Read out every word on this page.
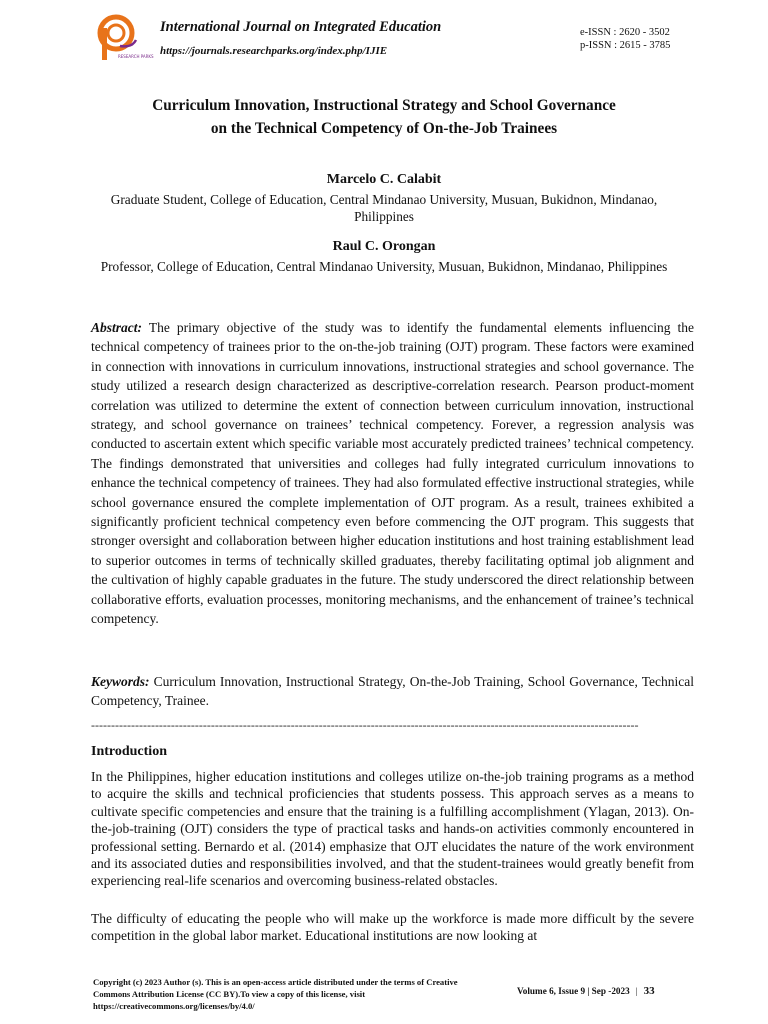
RESEARCH PARKS
International Journal on Integrated Education
https://journals.researchparks.org/index.php/IJIE
e-ISSN : 2620 - 3502
p-ISSN : 2615 - 3785
Curriculum Innovation, Instructional Strategy and School Governance
on the Technical Competency of On-the-Job Trainees
Marcelo C. Calabit
Graduate Student, College of Education, Central Mindanao University, Musuan, Bukidnon, Mindanao, Philippines
Raul C. Orongan
Professor, College of Education, Central Mindanao University, Musuan, Bukidnon, Mindanao, Philippines

Abstract: The primary objective of the study was to identify the fundamental elements influencing the technical competency of trainees prior to the on-the-job training (OJT) program. These factors were examined in connection with innovations in curriculum innovations, instructional strategies and school governance. The study utilized a research design characterized as descriptive-correlation research. Pearson product-moment correlation was utilized to determine the extent of connection between curriculum innovation, instructional strategy, and school governance on trainees’ technical competency. Forever, a regression analysis was conducted to ascertain extent which specific variable most accurately predicted trainees’ technical competency. The findings demonstrated that universities and colleges had fully integrated curriculum innovations to enhance the technical competency of trainees. They had also formulated effective instructional strategies, while school governance ensured the complete implementation of OJT program. As a result, trainees exhibited a significantly proficient technical competency even before commencing the OJT program. This suggests that stronger oversight and collaboration between higher education institutions and host training establishment lead to superior outcomes in terms of technically skilled graduates, thereby facilitating optimal job alignment and the cultivation of highly capable graduates in the future. The study underscored the direct relationship between collaborative efforts, evaluation processes, monitoring mechanisms, and the enhancement of trainee’s technical competency.

Keywords: Curriculum Innovation, Instructional Strategy, On-the-Job Training, School Governance, Technical Competency, Trainee.

-----------------------------------------------------------------------------------------------------------------------------------------
Introduction

In the Philippines, higher education institutions and colleges utilize on-the-job training programs as a method to acquire the skills and technical proficiencies that students possess. This approach serves as a means to cultivate specific competencies and ensure that the training is a fulfilling accomplishment (Ylagan, 2013). On-the-job-training (OJT) considers the type of practical tasks and hands-on activities commonly encountered in professional setting. Bernardo et al. (2014) emphasize that OJT elucidates the nature of the work environment and its associated duties and responsibilities involved, and that the student-trainees would greatly benefit from experiencing real-life scenarios and overcoming business-related obstacles.

The difficulty of educating the people who will make up the workforce is made more difficult by the severe competition in the global labor market. Educational institutions are now looking at

Copyright (c) 2023 Author (s). This is an open-access article distributed under the terms of Creative Commons Attribution License (CC BY).To view a copy of this license, visit https://creativecommons.org/licenses/by/4.0/
Volume 6, Issue 9 | Sep -2023 | 33
